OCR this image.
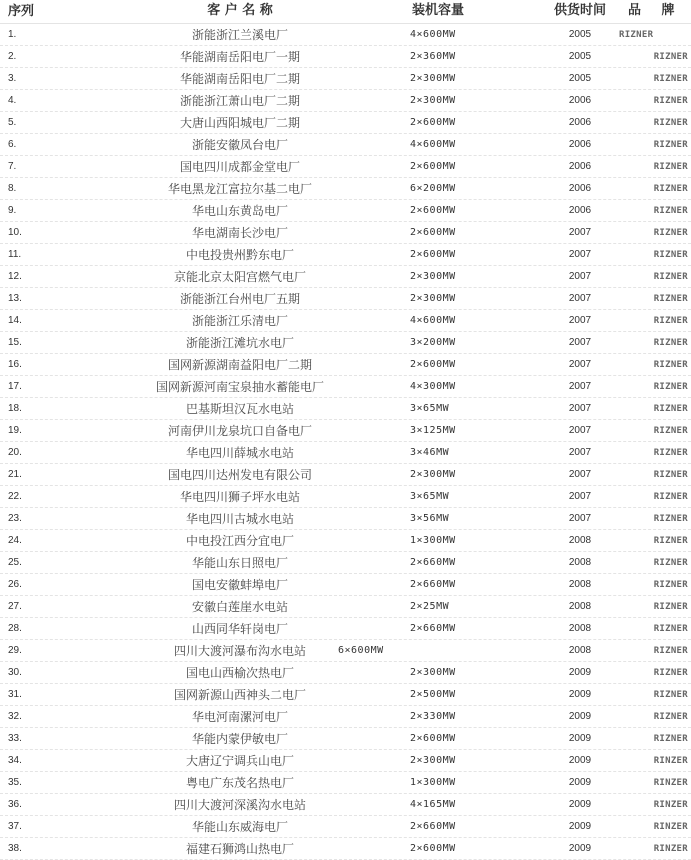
序列	客 户 名 称	装机容量	供货时间	品 牌
1.	浙能浙江兰溪电厂	4×600MW	2005	RIZNER
2.	华能湖南岳阳电厂一期	2×360MW	2005	RIZNER
3.	华能湖南岳阳电厂二期	2×300MW	2005	RIZNER
4.	浙能浙江萧山电厂二期	2×300MW	2006	RIZNER
5.	大唐山西阳城电厂二期	2×600MW	2006	RIZNER
6.	浙能安徽凤台电厂	4×600MW	2006	RIZNER
7.	国电四川成都金堂电厂	2×600MW	2006	RIZNER
8.	华电黑龙江富拉尔基二电厂	6×200MW	2006	RIZNER
9.	华电山东黄岛电厂	2×600MW	2006	RIZNER
10.	华电湖南长沙电厂	2×600MW	2007	RIZNER
11.	中电投贵州黔东电厂	2×600MW	2007	RIZNER
12.	京能北京太阳宫燃气电厂	2×300MW	2007	RIZNER
13.	浙能浙江台州电厂五期	2×300MW	2007	RIZNER
14.	浙能浙江乐清电厂	4×600MW	2007	RIZNER
15.	浙能浙江滩坑水电厂	3×200MW	2007	RIZNER
16.	国网新源湖南益阳电厂二期	2×600MW	2007	RIZNER
17.	国网新源河南宝泉抽水蓄能电厂	4×300MW	2007	RIZNER
18.	巴基斯坦汉瓦水电站	3×65MW	2007	RIZNER
19.	河南伊川龙泉坑口自备电厂	3×125MW	2007	RIZNER
20.	华电四川薛城水电站	3×46MW	2007	RIZNER
21.	国电四川达州发电有限公司	2×300MW	2007	RIZNER
22.	华电四川狮子坪水电站	3×65MW	2007	RIZNER
23.	华电四川古城水电站	3×56MW	2007	RIZNER
24.	中电投江西分宜电厂	1×300MW	2008	RIZNER
25.	华能山东日照电厂	2×660MW	2008	RIZNER
26.	国电安徽蚌埠电厂	2×660MW	2008	RIZNER
27.	安徽白莲崖水电站	2×25MW	2008	RIZNER
28.	山西同华轩岗电厂	2×660MW	2008	RIZNER
29.	四川大渡河瀑布沟水电站	6×600MW	2008	RIZNER
30.	国电山西榆次热电厂	2×300MW	2009	RIZNER
31.	国网新源山西神头二电厂	2×500MW	2009	RIZNER
32.	华电河南漯河电厂	2×330MW	2009	RIZNER
33.	华能内蒙伊敏电厂	2×600MW	2009	RIZNER
34.	大唐辽宁调兵山电厂	2×300MW	2009	RINZER
35.	粤电广东茂名热电厂	1×300MW	2009	RINZER
36.	四川大渡河深溪沟水电站	4×165MW	2009	RINZER
37.	华能山东威海电厂	2×660MW	2009	RINZER
38.	福建石狮鸿山热电厂	2×600MW	2009	RINZER
